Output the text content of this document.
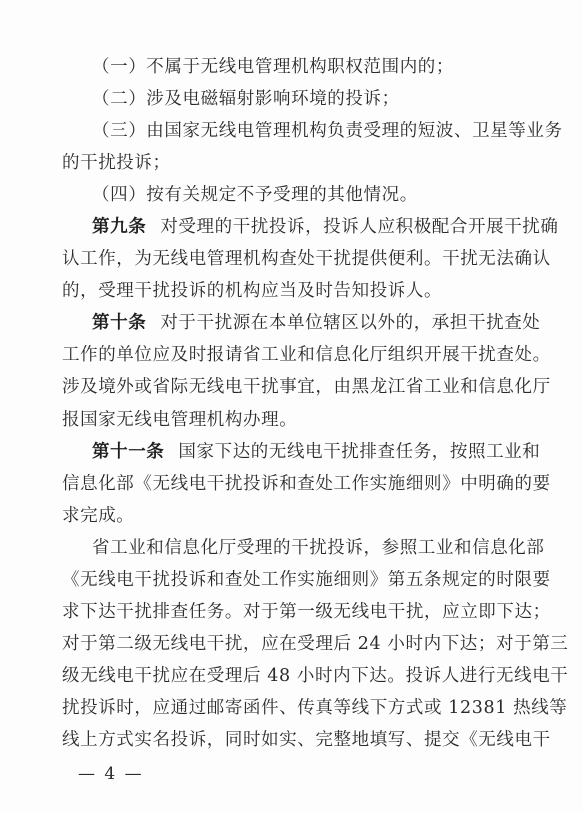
（一）不属于无线电管理机构职权范围内的；
（二）涉及电磁辐射影响环境的投诉；
（三）由国家无线电管理机构负责受理的短波、卫星等业务
的干扰投诉；
（四）按有关规定不予受理的其他情况。
第九条 对受理的干扰投诉，投诉人应积极配合开展干扰确
认工作，为无线电管理机构查处干扰提供便利。干扰无法确认
的，受理干扰投诉的机构应当及时告知投诉人。
第十条 对于干扰源在本单位辖区以外的，承担干扰查处
工作的单位应及时报请省工业和信息化厅组织开展干扰查处。
涉及境外或省际无线电干扰事宜，由黑龙江省工业和信息化厅
报国家无线电管理机构办理。
第十一条 国家下达的无线电干扰排查任务，按照工业和
信息化部《无线电干扰投诉和查处工作实施细则》中明确的要
求完成。
省工业和信息化厅受理的干扰投诉，参照工业和信息化部
《无线电干扰投诉和查处工作实施细则》第五条规定的时限要
求下达干扰排查任务。对于第一级无线电干扰，应立即下达；
对于第二级无线电干扰，应在受理后 24 小时内下达；对于第三
级无线电干扰应在受理后 48 小时内下达。投诉人进行无线电干
扰投诉时，应通过邮寄函件、传真等线下方式或 12381 热线等
— 4 —
线上方式实名投诉，同时如实、完整地填写、提交《无线电干
